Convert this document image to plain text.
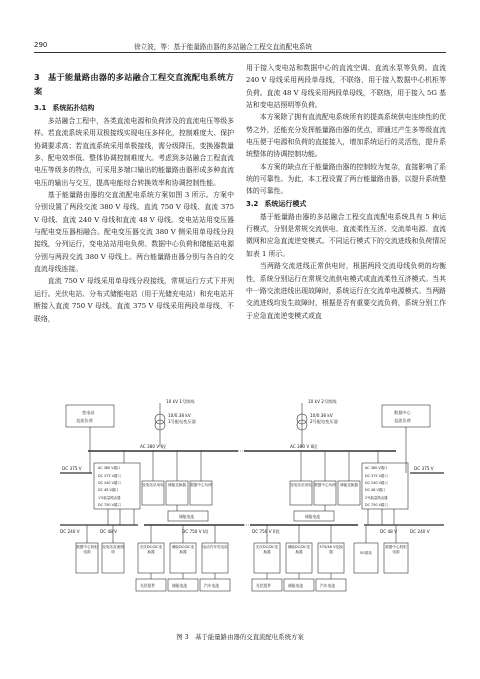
290	徐立波，等：基于能量路由器的多站融合工程交直流配电系统
3 基于能量路由器的多站融合工程交直流配电系统方案
3.1 系统拓扑结构

多站融合工程中，各类直流电源和负荷涉及的直流电压等级多样。若直流系统采用双极接线实现电压多样化，控制难度大、保护协调要求高；若直流系统采用单极接线，需分级降压，变换器数量多、配电效率低、整体协调控制难度大。考虑到多站融合工程直流电压等级多的特点，可采用多端口输出的能量路由器形成多种直流电压的输出与交互，提高电能综合转换效率和协调控制性能。

基于能量路由器的交直流配电系统方案如图 3 所示。方案中分别设置了两段交流 380 V 母线、直流 750 V 母线、直流 375 V 母线、直流 240 V 母线和直流 48 V 母线。变电站站用变压器与配电变压器相融合。配电变压器交流 380 V 侧采用单母线分段接线，分列运行，变电站站用电负荷、数据中心负荷和储能站电源分别与两段交流 380 V 母线上。两台能量路由器分别与各自的交直流母线连接。

直流 750 V 母线采用单母线分段接线，常规运行方式下并列运行。光伏电站、分布式储能电站（用于光储充电站）和充电站开断接入直流 750 V 母线。直流 375 V 母线采用两段单母线，不联络，

用于接入变电站和数据中心的直流空调、直流水泵等负荷。直流 240 V 母线采用两段单母线，不联络，用于接入数据中心机柜等负荷。直流 48 V 母线采用两段单母线，不联络，用于接入 5G 基站和变电站照明等负荷。

本方案除了拥有直流配电系统所有的提高系统供电连续性的优势之外，还能充分发挥能量路由器的优点，即通过产生多等级直流电压便于电源和负荷的直接接入，增加系统运行的灵活性，提升系统整体的协调控制功能。

本方案的缺点在于能量路由器的控制较为复杂，直接影响了系统的可靠性。为此，本工程设置了两台能量路由器，以提升系统整体的可靠性。

3.2 系统运行模式

基于能量路由器的多站融合工程交直流配电系统具有 5 种运行模式，分别是常规交流供电、直流柔性互济、交流单电源、直流微网和应急直流逆变模式。不同运行模式下的交流进线和负荷情况如表 1 所示。

当两路交流进线正常供电时，根据两段交流母线负荷的均衡性，系统分别运行在常规交流供电模式或直流柔性互济模式。当其中一路交流进线出现故障时，系统运行在交流单电源模式。当两路交流进线均发生故障时，根据是否有重要交流负荷，系统分别工作于应急直流逆变模式或直

10 kV 1号馈线	10 kV 2号馈线
10/0.38 kV
1号配电变压器
10/0.38 kV
2号配电变压器
变电站
直流负荷
数据中心
直流负荷
AC 380 V I段	AC 380 V II段
DC 375 V	DC 375 V
AC 380 V端口
DC 375 V端口
DC 240 V端口
DC 48 V端口
1号能量路由器
DC 750 V端口
AC 380 V端口
DC 375 V端口
DC 240 V端口
DC 48 V端口
2号能量路由器
DC 750 V端口
变电站站用电	储能变换器	数据中心负荷	变电站站用电 数据中心负荷	储能变换器
储能电池	储能电池
DC 240 V	DC 48 V	DC 750 V I段	DC 750 V II段	DC 48 V	DC 240 V
数据中心机柜电源
变电站直流照明
光伏DC/DC变换器
储能DC/DC变换器
电动汽车充电站	光伏DC/DC变换器
储能DC/DC变换器
375/48 V变换器	5G基站
数据中心机柜电源
光伏组件	储能电池	汽车电池	光伏组件	储能电池	汽车电池
图 3　基于能量路由器的交直流配电系统方案
